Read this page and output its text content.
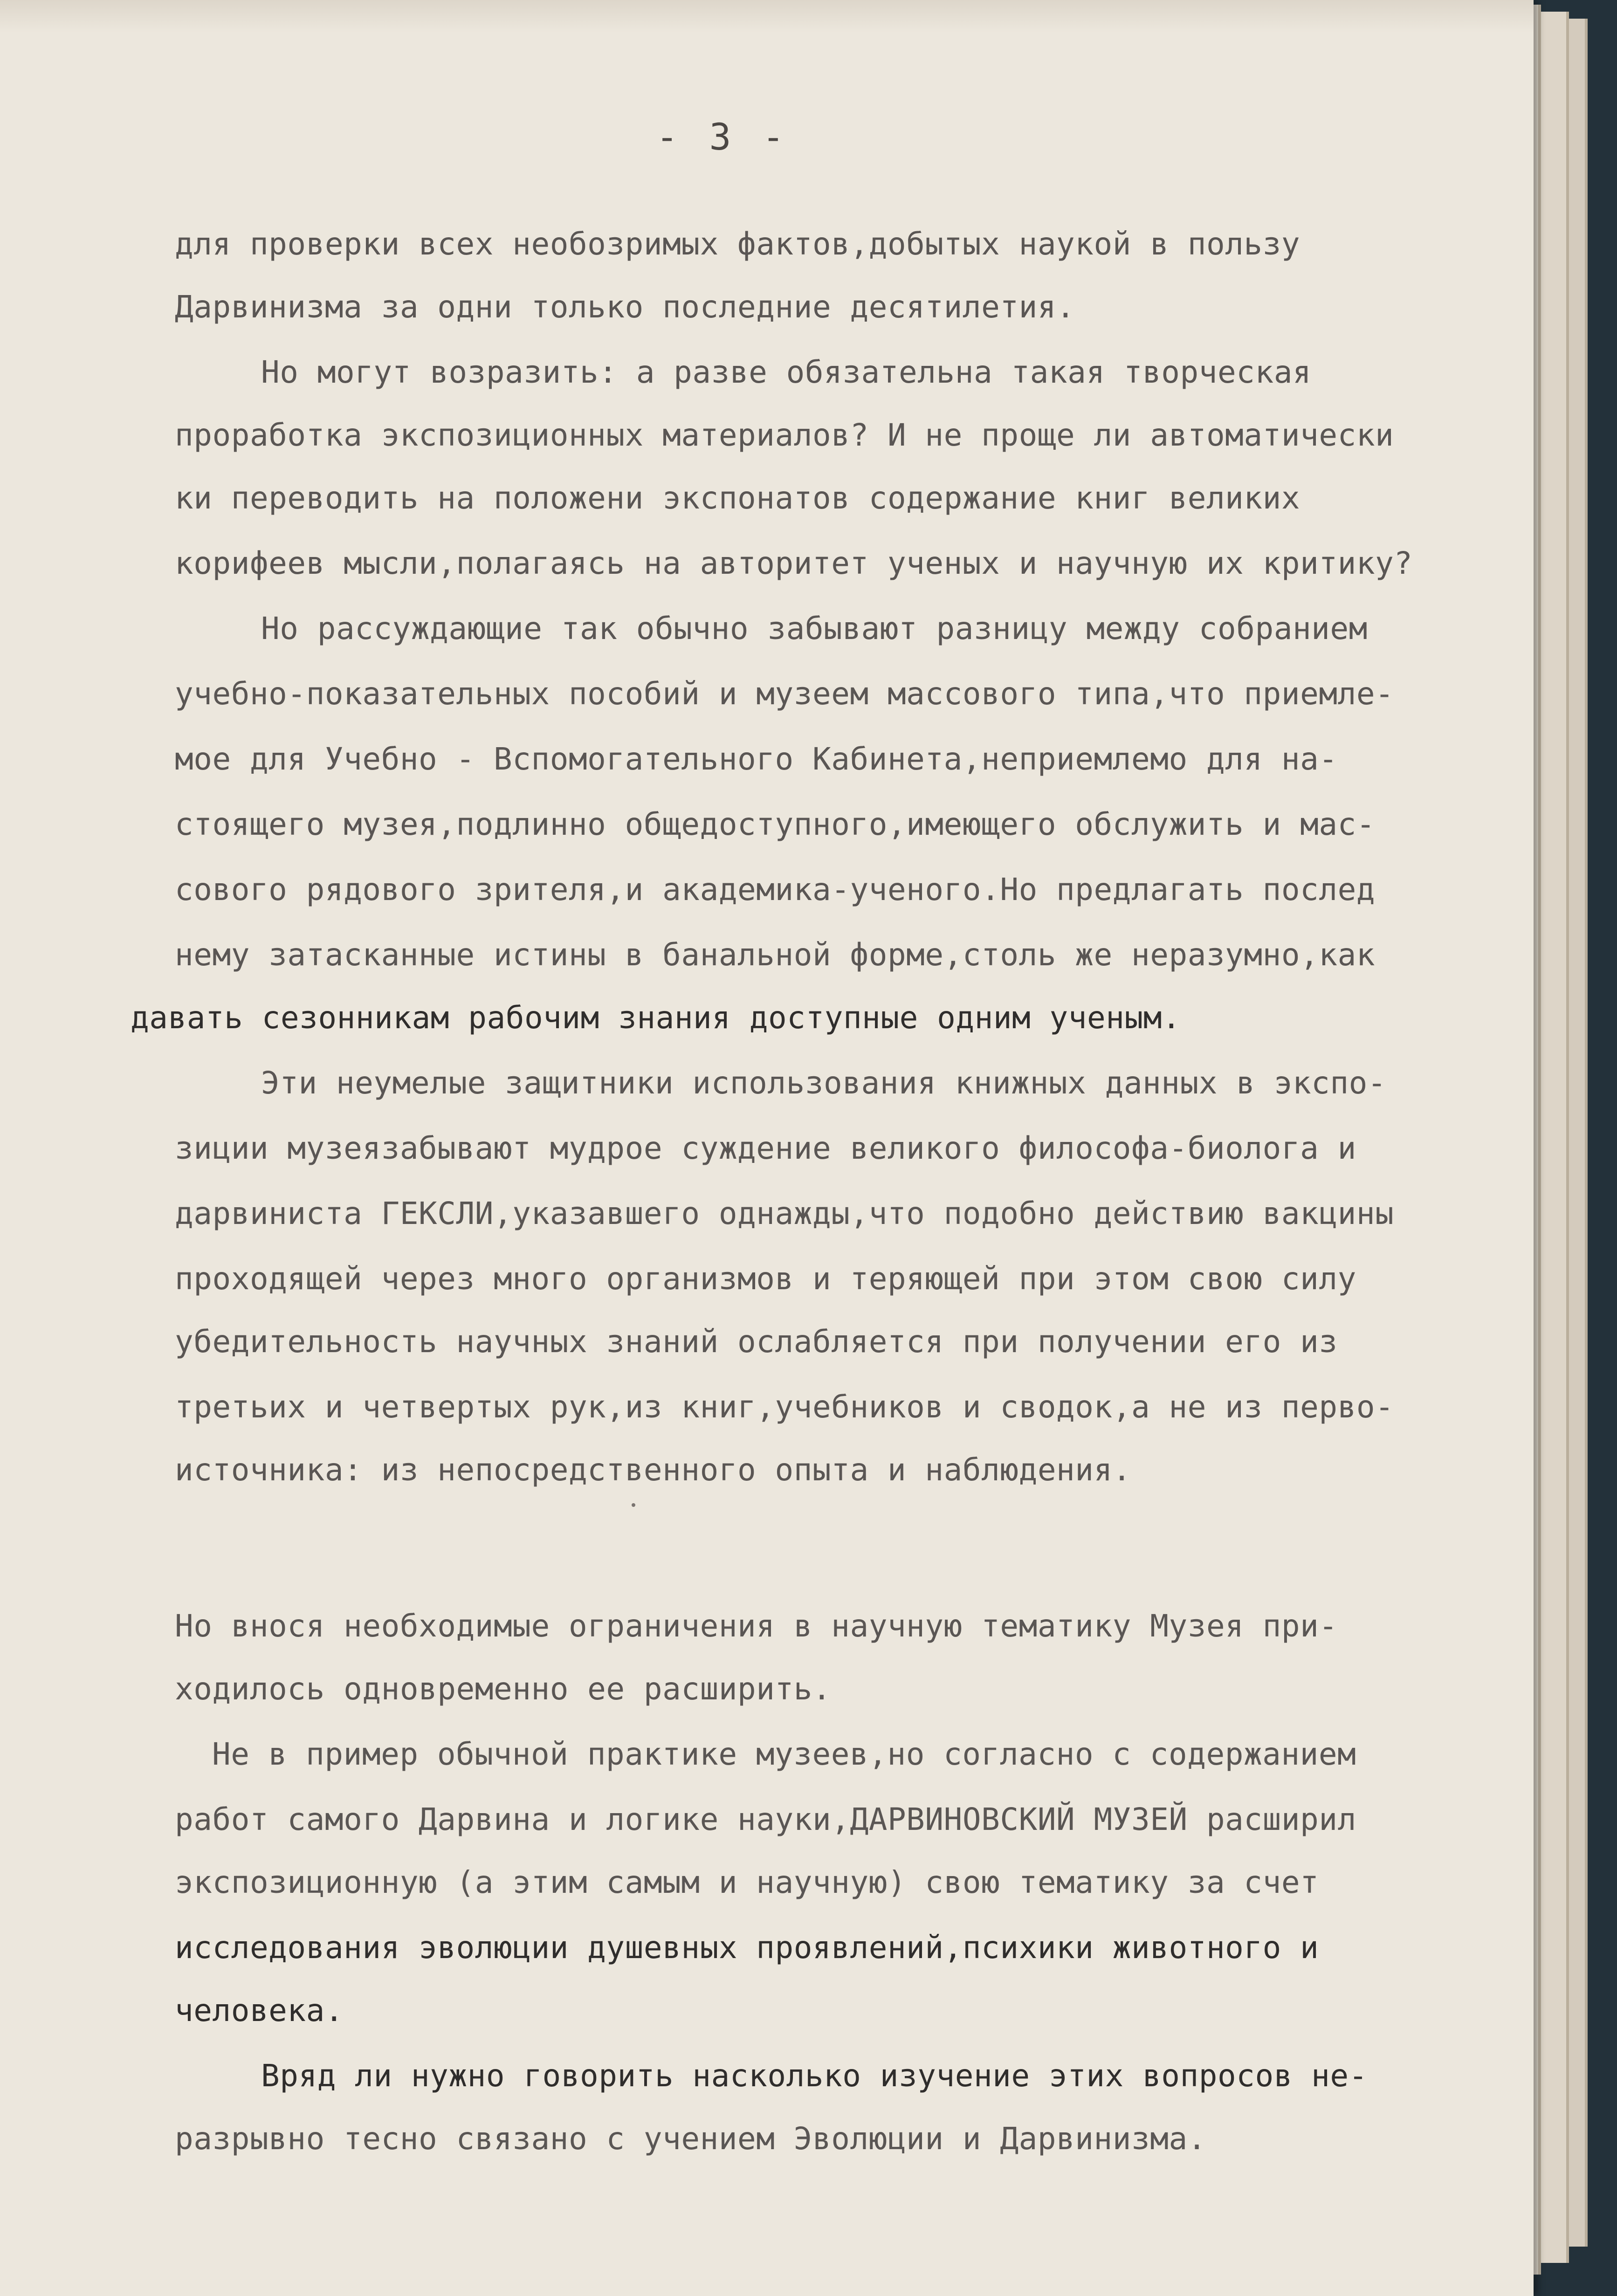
- 3 -
для проверки всех необозримых фактов,добытых наукой в пользу
Дарвинизма за одни только последние десятилетия.
Но могут возразить: а разве обязательна такая творческая
проработка экспозиционных материалов? И не проще ли автоматически
ки переводить на положени экспонатов содержание книг великих
корифеев мысли,полагаясь на авторитет ученых и научную их критику?
Но рассуждающие так обычно забывают разницу между собранием
учебно-показательных пособий и музеем массового типа,что приемле-
мое для Учебно - Вспомогательного Кабинета,неприемлемо для на-
стоящего музея,подлинно общедоступного,имеющего обслужить и мас-
сового рядового зрителя,и академика-ученого.Но предлагать послед
нему затасканные истины в банальной форме,столь же неразумно,как
давать сезонникам рабочим знания доступные одним ученым.
Эти неумелые защитники использования книжных данных в экспо-
зиции музеязабывают мудрое суждение великого философа-биолога и
дарвиниста ГЕКСЛИ,указавшего однажды,что подобно действию вакцины
проходящей через много организмов и теряющей при этом свою силу
убедительность научных знаний ослабляется при получении его из
третьих и четвертых рук,из книг,учебников и сводок,а не из перво-
источника: из непосредственного опыта и наблюдения.
Но внося необходимые ограничения в научную тематику Музея при-
ходилось одновременно ее расширить.
Не в пример обычной практике музеев,но согласно с содержанием
работ самого Дарвина и логике науки,ДАРВИНОВСКИЙ МУЗЕЙ расширил
экспозиционную (а этим самым и научную) свою тематику за счет
исследования эволюции душевных проявлений,психики животного и
человека.
Вряд ли нужно говорить насколько изучение этих вопросов не-
разрывно тесно связано с учением Эволюции и Дарвинизма.
